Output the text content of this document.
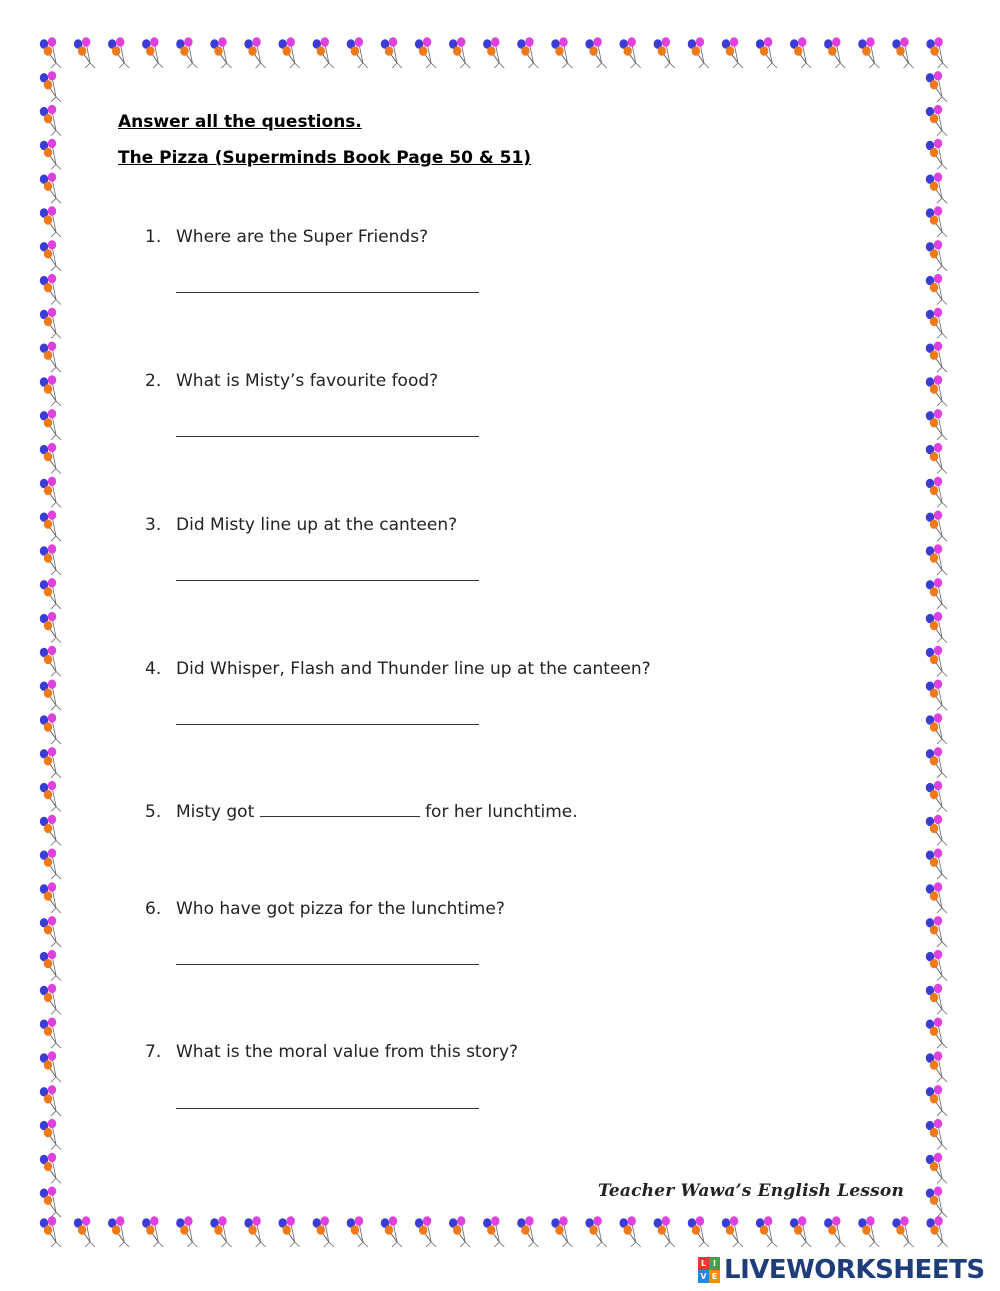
Answer all the questions.
The Pizza (Superminds Book Page 50 & 51)
1. Where are the Super Friends?
2. What is Misty’s favourite food?
3. Did Misty line up at the canteen?
4. Did Whisper, Flash and Thunder line up at the canteen?
5. Misty got	for her lunchtime.
6. Who have got pizza for the lunchtime?
7. What is the moral value from this story?
Teacher Wawa’s English Lesson
L I
V E LIVEWORKSHEETS
